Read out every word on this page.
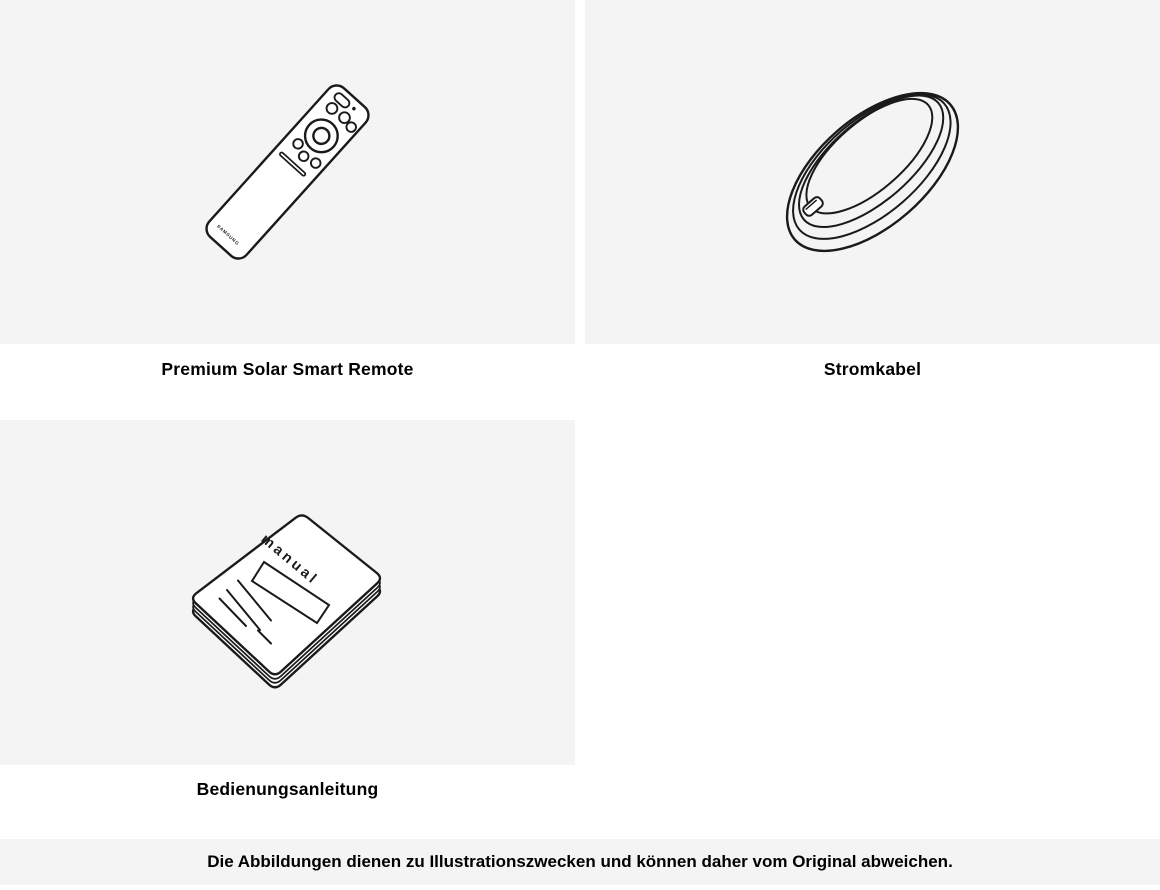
SAMSUNG
manual
Premium Solar Smart Remote	Stromkabel
Bedienungsanleitung
Die Abbildungen dienen zu Illustrationszwecken und können daher vom Original abweichen.
